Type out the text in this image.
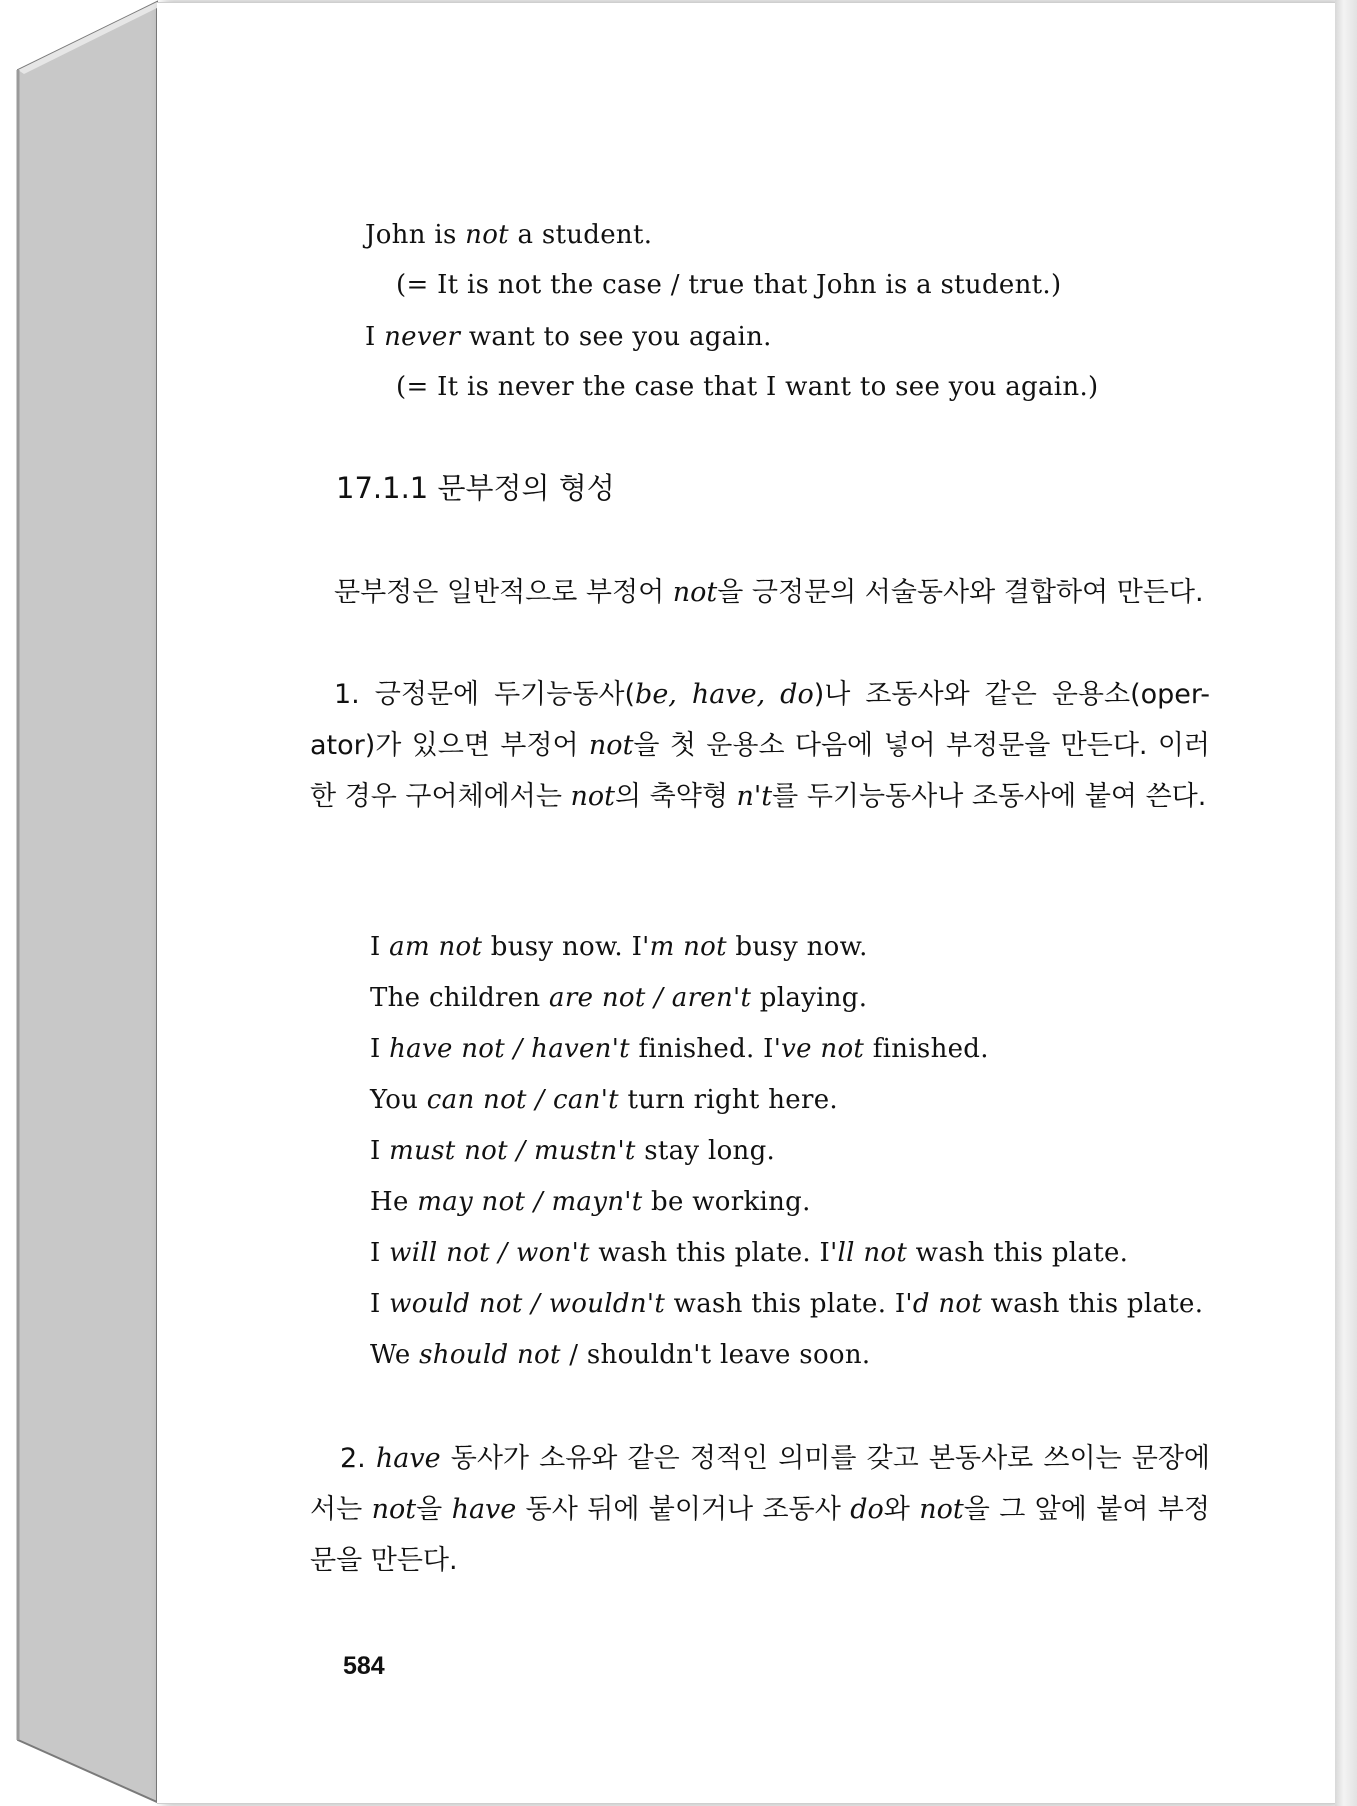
John is not a student.
(= It is not the case / true that John is a student.)
I never want to see you again.
(= It is never the case that I want to see you again.)
17.1.1 문부정의 형성
문부정은 일반적으로 부정어 not을 긍정문의 서술동사와 결합하여 만든다.
1. 긍정문에 두기능동사(be, have, do)나 조동사와 같은 운용소(oper-ator)가 있으면 부정어 not을 첫 운용소 다음에 넣어 부정문을 만든다. 이러한 경우 구어체에서는 not의 축약형 n't를 두기능동사나 조동사에 붙여 쓴다.
I am not busy now. I'm not busy now.
The children are not / aren't playing.
I have not / haven't finished. I've not finished.
You can not / can't turn right here.
I must not / mustn't stay long.
He may not / mayn't be working.
I will not / won't wash this plate. I'll not wash this plate.
I would not / wouldn't wash this plate. I'd not wash this plate.
We should not / shouldn't leave soon.
2. have 동사가 소유와 같은 정적인 의미를 갖고 본동사로 쓰이는 문장에서는 not을 have 동사 뒤에 붙이거나 조동사 do와 not을 그 앞에 붙여 부정문을 만든다.
584
